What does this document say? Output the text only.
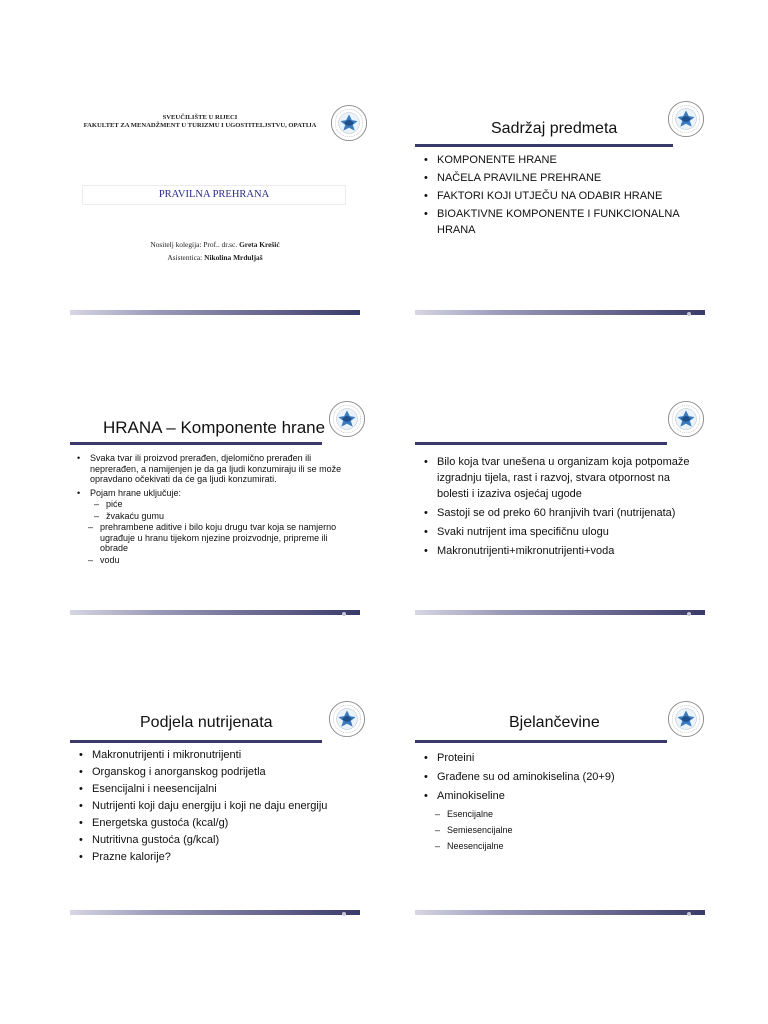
SVEUČILIŠTE U RIJECI
FAKULTET ZA MENADŽMENT U TURIZMU I UGOSTITELJSTVU, OPATIJA
PRAVILNA PREHRANA
Nositelj kolegija: Prof.. dr.sc. Greta Krešić
Asistentica: Nikolina Mrduljaš
Sadržaj predmeta
• KOMPONENTE HRANE
• NAČELA PRAVILNE PREHRANE
• FAKTORI KOJI UTJEČU NA ODABIR HRANE
• BIOAKTIVNE KOMPONENTE I FUNKCIONALNA HRANA
HRANA – Komponente hrane
• Svaka tvar ili proizvod prerađen, djelomično prerađen ili neprerađen, a namijenjen je da ga ljudi konzumiraju ili se može opravdano očekivati da će ga ljudi konzumirati.
• Pojam hrane uključuje:
– piće
– žvakaću gumu
– prehrambene aditive i bilo koju drugu tvar koja se namjerno ugrađuje u hranu tijekom njezine proizvodnje, pripreme ili obrade
– vodu
• Bilo koja tvar unešena u organizam koja potpomaže izgradnju tijela, rast i razvoj, stvara otpornost na bolesti i izaziva osjećaj ugode
• Sastoji se od preko 60 hranjivih tvari (nutrijenata)
• Svaki nutrijent ima specifičnu ulogu
• Makronutrijenti+mikronutrijenti+voda
Podjela nutrijenata
• Makronutrijenti i mikronutrijenti
• Organskog i anorganskog podrijetla
• Esencijalni i neesencijalni
• Nutrijenti koji daju energiju i koji ne daju energiju
• Energetska gustoća (kcal/g)
• Nutritivna gustoća (g/kcal)
• Prazne kalorije?
Bjelančevine
• Proteini
• Građene su od aminokiselina (20+9)
• Aminokiseline
– Esencijalne
– Semiesencijalne
– Neesencijalne
